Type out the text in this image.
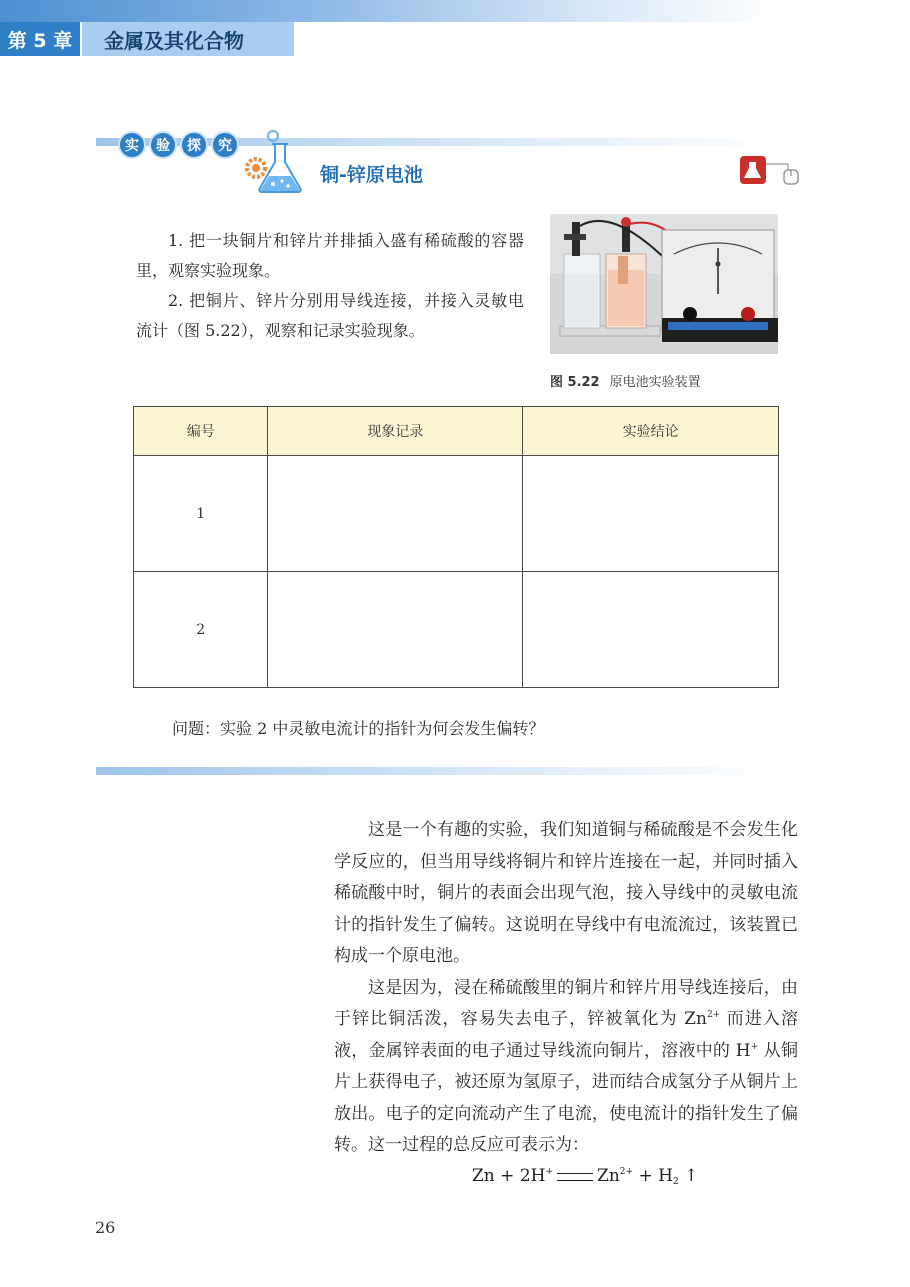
第 5 章	金属及其化合物
实	验	探	究
铜-锌原电池

1. 把一块铜片和锌片并排插入盛有稀硫酸的容器里，观察实验现象。

2. 把铜片、锌片分别用导线连接，并接入灵敏电流计（图 5.22），观察和记录实验现象。

图 5.22 原电池实验装置
编号	现象记录	实验结论
1		
2		
问题：实验 2 中灵敏电流计的指针为何会发生偏转？

这是一个有趣的实验，我们知道铜与稀硫酸是不会发生化学反应的，但当用导线将铜片和锌片连接在一起，并同时插入稀硫酸中时，铜片的表面会出现气泡，接入导线中的灵敏电流计的指针发生了偏转。这说明在导线中有电流流过，该装置已构成一个原电池。

这是因为，浸在稀硫酸里的铜片和锌片用导线连接后，由于锌比铜活泼，容易失去电子，锌被氧化为 $Zn^{2+}$ 而进入溶液，金属锌表面的电子通过导线流向铜片，溶液中的 H+ 从铜片上获得电子，被还原为氢原子，进而结合成氢分子从铜片上放出。电子的定向流动产生了电流，使电流计的指针发生了偏转。这一过程的总反应可表示为：

Zn + 2H+	$Zn^{2+} + H_2$ ↑
26
